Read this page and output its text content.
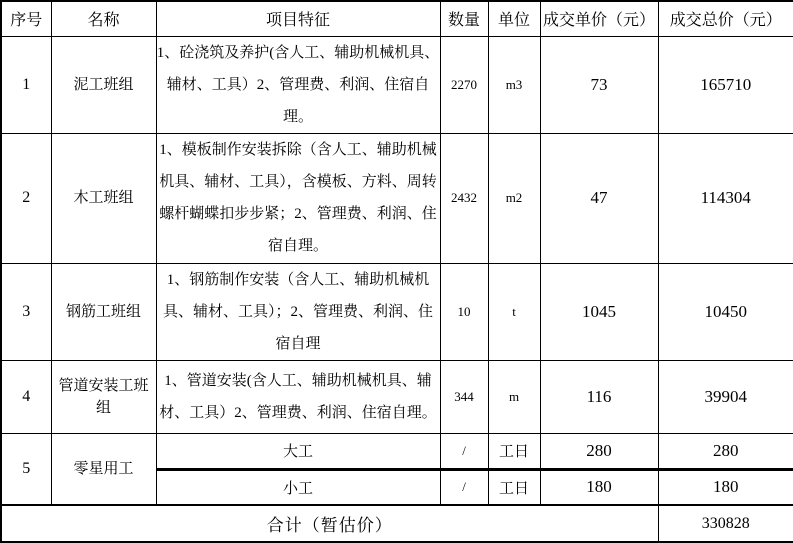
序号	名称	项目特征	数量	单位	成交单价（元）	成交总价（元）
1	泥工班组	1、砼浇筑及养护(含人工、辅助机械机具、辅材、工具）2、管理费、利润、住宿自理。	2270	m3	73	165710
2	木工班组	1、模板制作安装拆除（含人工、辅助机械机具、辅材、工具），含模板、方料、周转螺杆蝴蝶扣步步紧；2、管理费、利润、住宿自理。	2432	m2	47	114304
3	钢筋工班组	1、钢筋制作安装（含人工、辅助机械机具、辅材、工具）；2、管理费、利润、住宿自理	10	t	1045	10450
4	管道安装工班组	1、管道安装(含人工、辅助机械机具、辅材、工具）2、管理费、利润、住宿自理。	344	m	116	39904
5	零星用工	大工	/	工日	280	280
		小工	/	工日	180	180
合计（暂估价）						330828
